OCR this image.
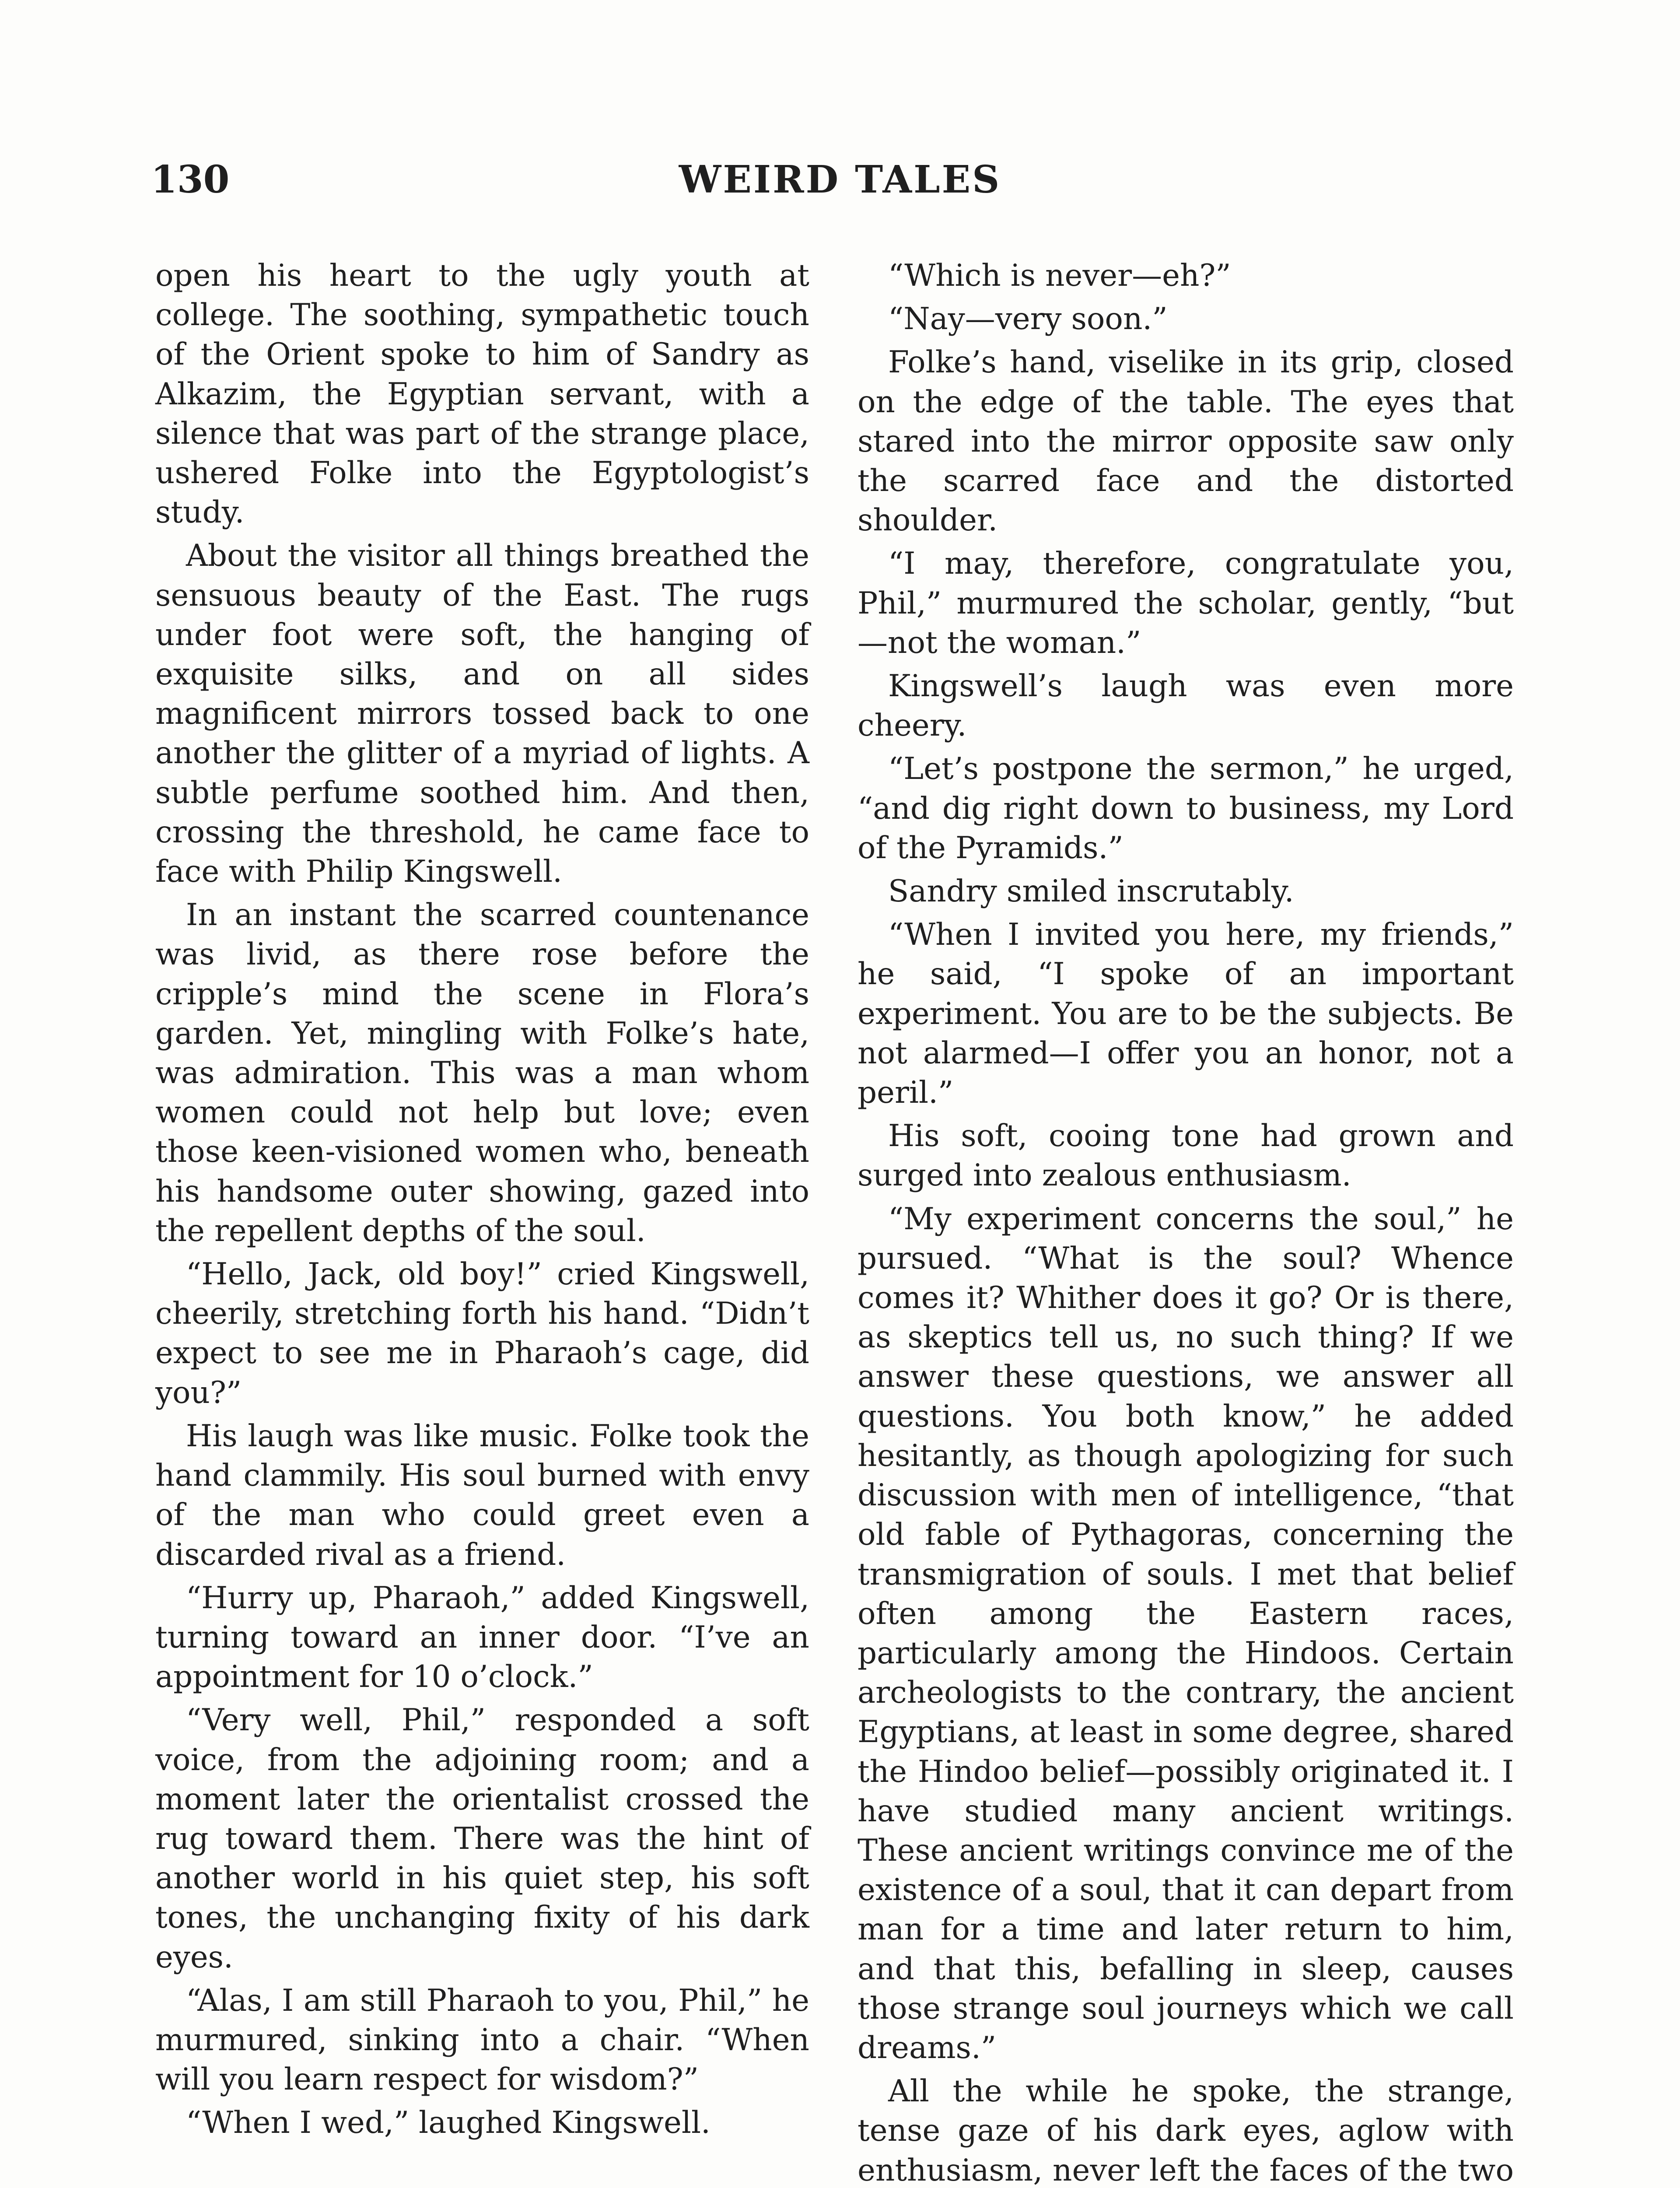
130	WEIRD TALES

open his heart to the ugly youth at college. The soothing, sympathetic touch of the Orient spoke to him of Sandry as Alkazim, the Egyptian servant, with a silence that was part of the strange place, ushered Folke into the Egyptologist’s study.

About the visitor all things breathed the sensuous beauty of the East. The rugs under foot were soft, the hanging of exquisite silks, and on all sides magnificent mirrors tossed back to one another the glitter of a myriad of lights. A subtle perfume soothed him. And then, crossing the threshold, he came face to face with Philip Kingswell.

In an instant the scarred countenance was livid, as there rose before the cripple’s mind the scene in Flora’s garden. Yet, mingling with Folke’s hate, was admiration. This was a man whom women could not help but love; even those keen-visioned women who, beneath his handsome outer showing, gazed into the repellent depths of the soul.

“Hello, Jack, old boy!” cried Kingswell, cheerily, stretching forth his hand. “Didn’t expect to see me in Pharaoh’s cage, did you?”

His laugh was like music. Folke took the hand clammily. His soul burned with envy of the man who could greet even a discarded rival as a friend.

“Hurry up, Pharaoh,” added Kingswell, turning toward an inner door. “I’ve an appointment for 10 o’clock.”

“Very well, Phil,” responded a soft voice, from the adjoining room; and a moment later the orientalist crossed the rug toward them. There was the hint of another world in his quiet step, his soft tones, the unchanging fixity of his dark eyes.

“Alas, I am still Pharaoh to you, Phil,” he murmured, sinking into a chair. “When will you learn respect for wisdom?”

“When I wed,” laughed Kingswell.

“Which is never—eh?”

“Nay—very soon.”

Folke’s hand, viselike in its grip, closed on the edge of the table. The eyes that stared into the mirror opposite saw only the scarred face and the distorted shoulder.

“I may, therefore, congratulate you, Phil,” murmured the scholar, gently, “but—not the woman.”

Kingswell’s laugh was even more cheery.

“Let’s postpone the sermon,” he urged, “and dig right down to business, my Lord of the Pyramids.”

Sandry smiled inscrutably.

“When I invited you here, my friends,” he said, “I spoke of an important experiment. You are to be the subjects. Be not alarmed—I offer you an honor, not a peril.”

His soft, cooing tone had grown and surged into zealous enthusiasm.

“My experiment concerns the soul,” he pursued. “What is the soul? Whence comes it? Whither does it go? Or is there, as skeptics tell us, no such thing? If we answer these questions, we answer all questions. You both know,” he added hesitantly, as though apologizing for such discussion with men of intelligence, “that old fable of Pythagoras, concerning the transmigration of souls. I met that belief often among the Eastern races, particularly among the Hindoos. Certain archeologists to the contrary, the ancient Egyptians, at least in some degree, shared the Hindoo belief—possibly originated it. I have studied many ancient writings. These ancient writings convince me of the existence of a soul, that it can depart from man for a time and later return to him, and that this, befalling in sleep, causes those strange soul journeys which we call dreams.”

All the while he spoke, the strange, tense gaze of his dark eyes, aglow with enthusiasm, never left the faces of the two
